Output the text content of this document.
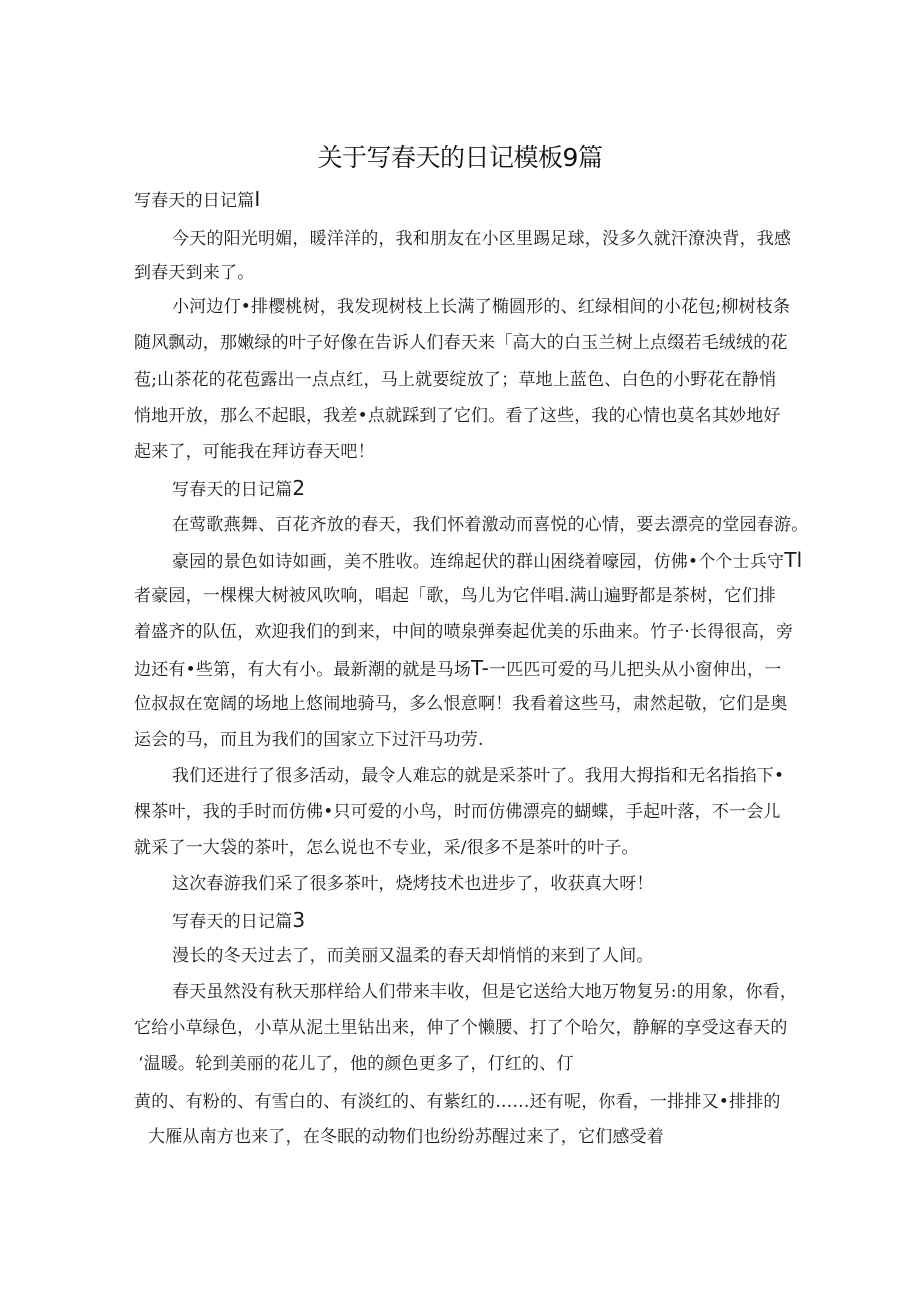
关于写春天的日记模板9篇
写春天的日记篇I
今天的阳光明媚，暖洋洋的，我和朋友在小区里踢足球，没多久就汗潦泱背，我感
到春天到来了。
小河边仃•排樱桃树，我发现树枝上长满了椭圆形的、红绿相间的小花包;柳树枝条
随风飘动，那嫩绿的叶子好像在告诉人们春天来「高大的白玉兰树上点缀若毛绒绒的花
苞;山茶花的花苞露出一点点红，马上就要绽放了；草地上蓝色、白色的小野花在静悄
悄地开放，那么不起眼，我差•点就踩到了它们。看了这些，我的心情也莫名其妙地好
起来了，可能我在拜访春天吧！
写春天的日记篇2
在莺歌燕舞、百花齐放的春天，我们怀着激动而喜悦的心情，要去漂亮的堂园春游。
豪园的景色如诗如画，美不胜收。连绵起伏的群山困绕着嚎园，仿佛•个个士兵守Tl
者豪园，一棵棵大树被风吹响，唱起「歌，鸟儿为它伴唱.满山遍野都是茶树，它们排
着盛齐的队伍，欢迎我们的到来，中间的喷泉弹奏起优美的乐曲来。竹子·长得很高，旁
边还有•些第，有大有小。最新潮的就是马场T-一匹匹可爱的马儿把头从小窗伸出，一
位叔叔在宽阔的场地上悠闹地骑马，多么恨意啊！我看着这些马，肃然起敬，它们是奥
运会的马，而且为我们的国家立下过汗马功劳.
我们还进行了很多活动，最令人难忘的就是采茶叶了。我用大拇指和无名指掐下•
棵茶叶，我的手时而仿佛•只可爱的小鸟，时而仿佛漂亮的蝴蝶，手起叶落，不一会儿
就采了一大袋的茶叶，怎么说也不专业，采/很多不是茶叶的叶子。
这次春游我们采了很多茶叶，烧烤技术也进步了，收获真大呀！
写春天的日记篇3
漫长的冬天过去了，而美丽又温柔的春天却悄悄的来到了人间。
春天虽然没有秋天那样给人们带来丰收，但是它送给大地万物复另:的用象，你看，
它给小草绿色，小草从泥土里钻出来，伸了个懒腰、打了个哈欠，静解的享受这春天的
‘温暖。轮到美丽的花儿了，他的颜色更多了，仃红的、仃
黄的、有粉的、有雪白的、有淡红的、有紫红的……还有呢，你看，一排排又•排排的
大雁从南方也来了，在冬眠的动物们也纷纷苏醒过来了，它们感受着
